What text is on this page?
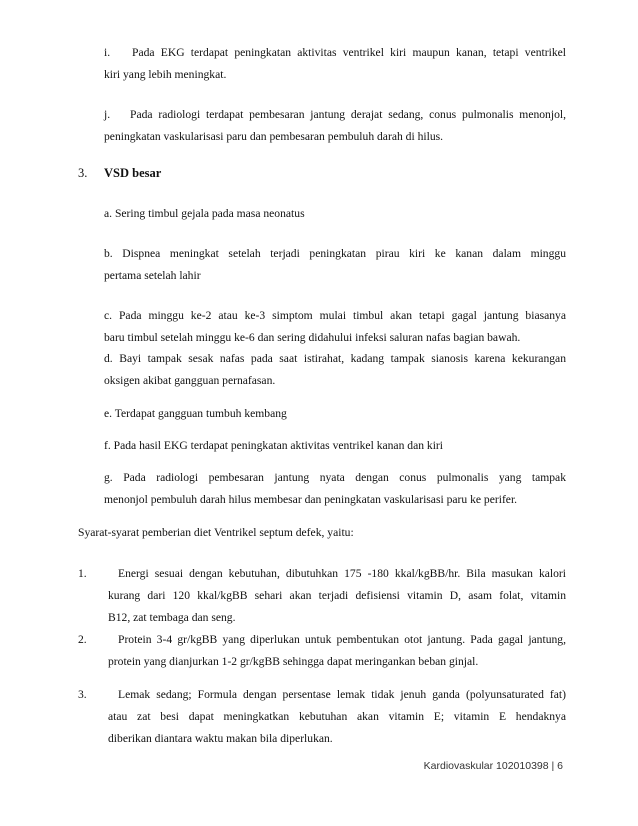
i. Pada EKG terdapat peningkatan aktivitas ventrikel kiri maupun kanan, tetapi ventrikel
kiri yang lebih meningkat.
j. Pada radiologi terdapat pembesaran jantung derajat sedang, conus pulmonalis menonjol,
peningkatan vaskularisasi paru dan pembesaran pembuluh darah di hilus.
3. VSD besar
a. Sering timbul gejala pada masa neonatus
b. Dispnea meningkat setelah terjadi peningkatan pirau kiri ke kanan dalam minggu
pertama setelah lahir
c. Pada minggu ke-2 atau ke-3 simptom mulai timbul akan tetapi gagal jantung biasanya
baru timbul setelah minggu ke-6 dan sering didahului infeksi saluran nafas bagian bawah.
d. Bayi tampak sesak nafas pada saat istirahat, kadang tampak sianosis karena kekurangan
oksigen akibat gangguan pernafasan.
e. Terdapat gangguan tumbuh kembang
f. Pada hasil EKG terdapat peningkatan aktivitas ventrikel kanan dan kiri
g. Pada radiologi pembesaran jantung nyata dengan conus pulmonalis yang tampak
menonjol pembuluh darah hilus membesar dan peningkatan vaskularisasi paru ke perifer.
Syarat-syarat pemberian diet Ventrikel septum defek, yaitu:
1.	Energi sesuai dengan kebutuhan, dibutuhkan 175 -180 kkal/kgBB/hr. Bila masukan kalori
kurang dari 120 kkal/kgBB sehari akan terjadi defisiensi vitamin D, asam folat, vitamin
B12, zat tembaga dan seng.
2.	Protein 3-4 gr/kgBB yang diperlukan untuk pembentukan otot jantung. Pada gagal jantung,
protein yang dianjurkan 1-2 gr/kgBB sehingga dapat meringankan beban ginjal.
3.	Lemak sedang; Formula dengan persentase lemak tidak jenuh ganda (polyunsaturated fat)
atau zat besi dapat meningkatkan kebutuhan akan vitamin E; vitamin E hendaknya
diberikan diantara waktu makan bila diperlukan.
Kardiovaskular 102010398 | 6
